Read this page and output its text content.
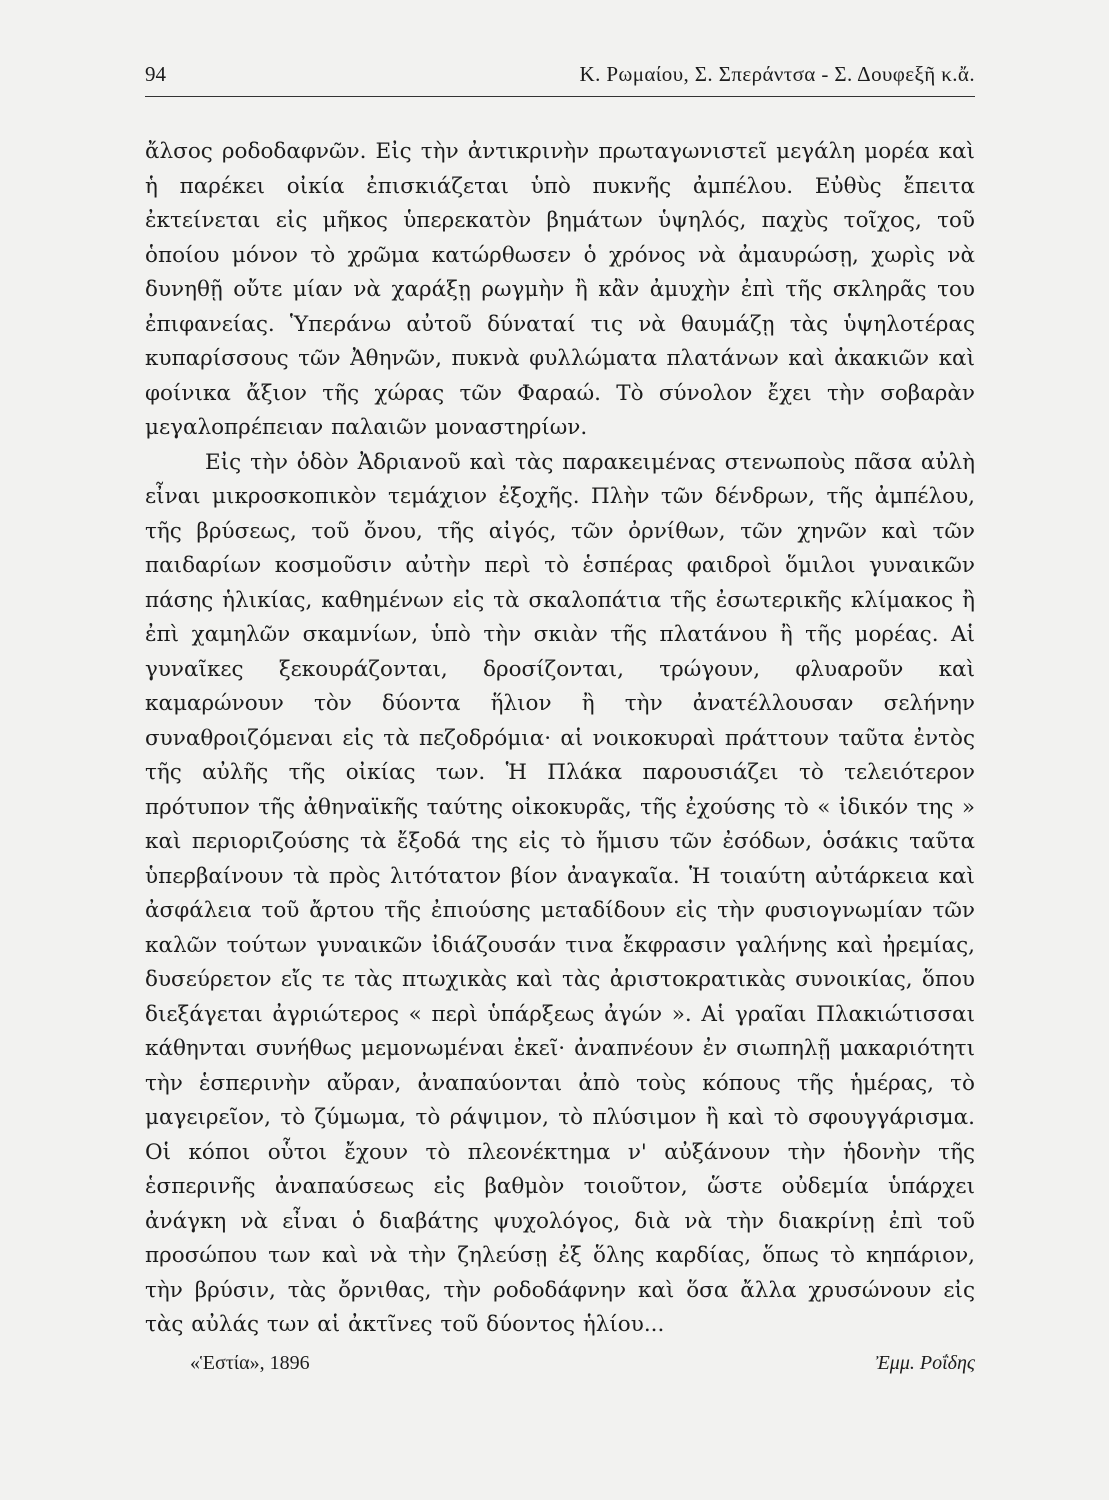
94	Κ. Ρωμαίου, Σ. Σπεράντσα - Σ. Δουφεξῆ κ.ἄ.

ἄλσος ροδοδαφνῶν. Εἰς τὴν ἀντικρινὴν πρωταγωνιστεῖ μεγάλη μορέα καὶ ἡ παρέκει οἰκία ἐπισκιάζεται ὑπὸ πυκνῆς ἀμπέλου. Εὐθὺς ἔπειτα ἐκτείνεται εἰς μῆκος ὑπερεκατὸν βημάτων ὑψηλός, παχὺς τοῖχος, τοῦ ὁποίου μόνον τὸ χρῶμα κατώρθωσεν ὁ χρόνος νὰ ἀμαυρώσῃ, χωρὶς νὰ δυνηθῇ οὔτε μίαν νὰ χαράξῃ ρωγμὴν ἢ κἂν ἀμυχὴν ἐπὶ τῆς σκληρᾶς του ἐπιφανείας. Ὑπεράνω αὐτοῦ δύναταί τις νὰ θαυμάζῃ τὰς ὑψηλοτέρας κυπαρίσσους τῶν Ἀθηνῶν, πυκνὰ φυλλώματα πλατάνων καὶ ἀκακιῶν καὶ φοίνικα ἄξιον τῆς χώρας τῶν Φαραώ. Τὸ σύνολον ἔχει τὴν σοβαρὰν μεγαλοπρέπειαν παλαιῶν μοναστηρίων.

Εἰς τὴν ὁδὸν Ἀδριανοῦ καὶ τὰς παρακειμένας στενωποὺς πᾶσα αὐλὴ εἶναι μικροσκοπικὸν τεμάχιον ἐξοχῆς. Πλὴν τῶν δένδρων, τῆς ἀμπέλου, τῆς βρύσεως, τοῦ ὄνου, τῆς αἰγός, τῶν ὀρνίθων, τῶν χηνῶν καὶ τῶν παιδαρίων κοσμοῦσιν αὐτὴν περὶ τὸ ἑσπέρας φαιδροὶ ὅμιλοι γυναικῶν πάσης ἡλικίας, καθημένων εἰς τὰ σκαλοπάτια τῆς ἐσωτερικῆς κλίμακος ἢ ἐπὶ χαμηλῶν σκαμνίων, ὑπὸ τὴν σκιὰν τῆς πλατάνου ἢ τῆς μορέας. Αἱ γυναῖκες ξεκουράζονται, δροσίζονται, τρώγουν, φλυαροῦν καὶ καμαρώνουν τὸν δύοντα ἥλιον ἢ τὴν ἀνατέλλουσαν σελήνην συναθροιζόμεναι εἰς τὰ πεζοδρόμια· αἱ νοικοκυραὶ πράττουν ταῦτα ἐντὸς τῆς αὐλῆς τῆς οἰκίας των. Ἡ Πλάκα παρουσιάζει τὸ τελειότερον πρότυπον τῆς ἀθηναϊκῆς ταύτης οἰκοκυρᾶς, τῆς ἐχούσης τὸ « ἰδικόν της » καὶ περιοριζούσης τὰ ἔξοδά της εἰς τὸ ἥμισυ τῶν ἐσόδων, ὁσάκις ταῦτα ὑπερβαίνουν τὰ πρὸς λιτότατον βίον ἀναγκαῖα. Ἡ τοιαύτη αὐτάρκεια καὶ ἀσφάλεια τοῦ ἄρτου τῆς ἐπιούσης μεταδίδουν εἰς τὴν φυσιογνωμίαν τῶν καλῶν τούτων γυναικῶν ἰδιάζουσάν τινα ἔκφρασιν γαλήνης καὶ ἠρεμίας, δυσεύρετον εἴς τε τὰς πτωχικὰς καὶ τὰς ἀριστοκρατικὰς συνοικίας, ὅπου διεξάγεται ἀγριώτερος « περὶ ὑπάρξεως ἀγών ». Αἱ γραῖαι Πλακιώτισσαι κάθηνται συνήθως μεμονωμέναι ἐκεῖ· ἀναπνέουν ἐν σιωπηλῇ μακαριότητι τὴν ἑσπερινὴν αὔραν, ἀναπαύονται ἀπὸ τοὺς κόπους τῆς ἡμέρας, τὸ μαγειρεῖον, τὸ ζύμωμα, τὸ ράψιμον, τὸ πλύσιμον ἢ καὶ τὸ σφουγγάρισμα. Οἱ κόποι οὗτοι ἔχουν τὸ πλεονέκτημα ν' αὐξάνουν τὴν ἡδονὴν τῆς ἑσπερινῆς ἀναπαύσεως εἰς βαθμὸν τοιοῦτον, ὥστε οὐδεμία ὑπάρχει ἀνάγκη νὰ εἶναι ὁ διαβάτης ψυχολόγος, διὰ νὰ τὴν διακρίνῃ ἐπὶ τοῦ προσώπου των καὶ νὰ τὴν ζηλεύσῃ ἐξ ὅλης καρδίας, ὅπως τὸ κηπάριον, τὴν βρύσιν, τὰς ὄρνιθας, τὴν ροδοδάφνην καὶ ὅσα ἄλλα χρυσώνουν εἰς τὰς αὐλάς των αἱ ἀκτῖνες τοῦ δύοντος ἡλίου...

«Ἑστία», 1896	Ἐμμ. Ροΐδης
